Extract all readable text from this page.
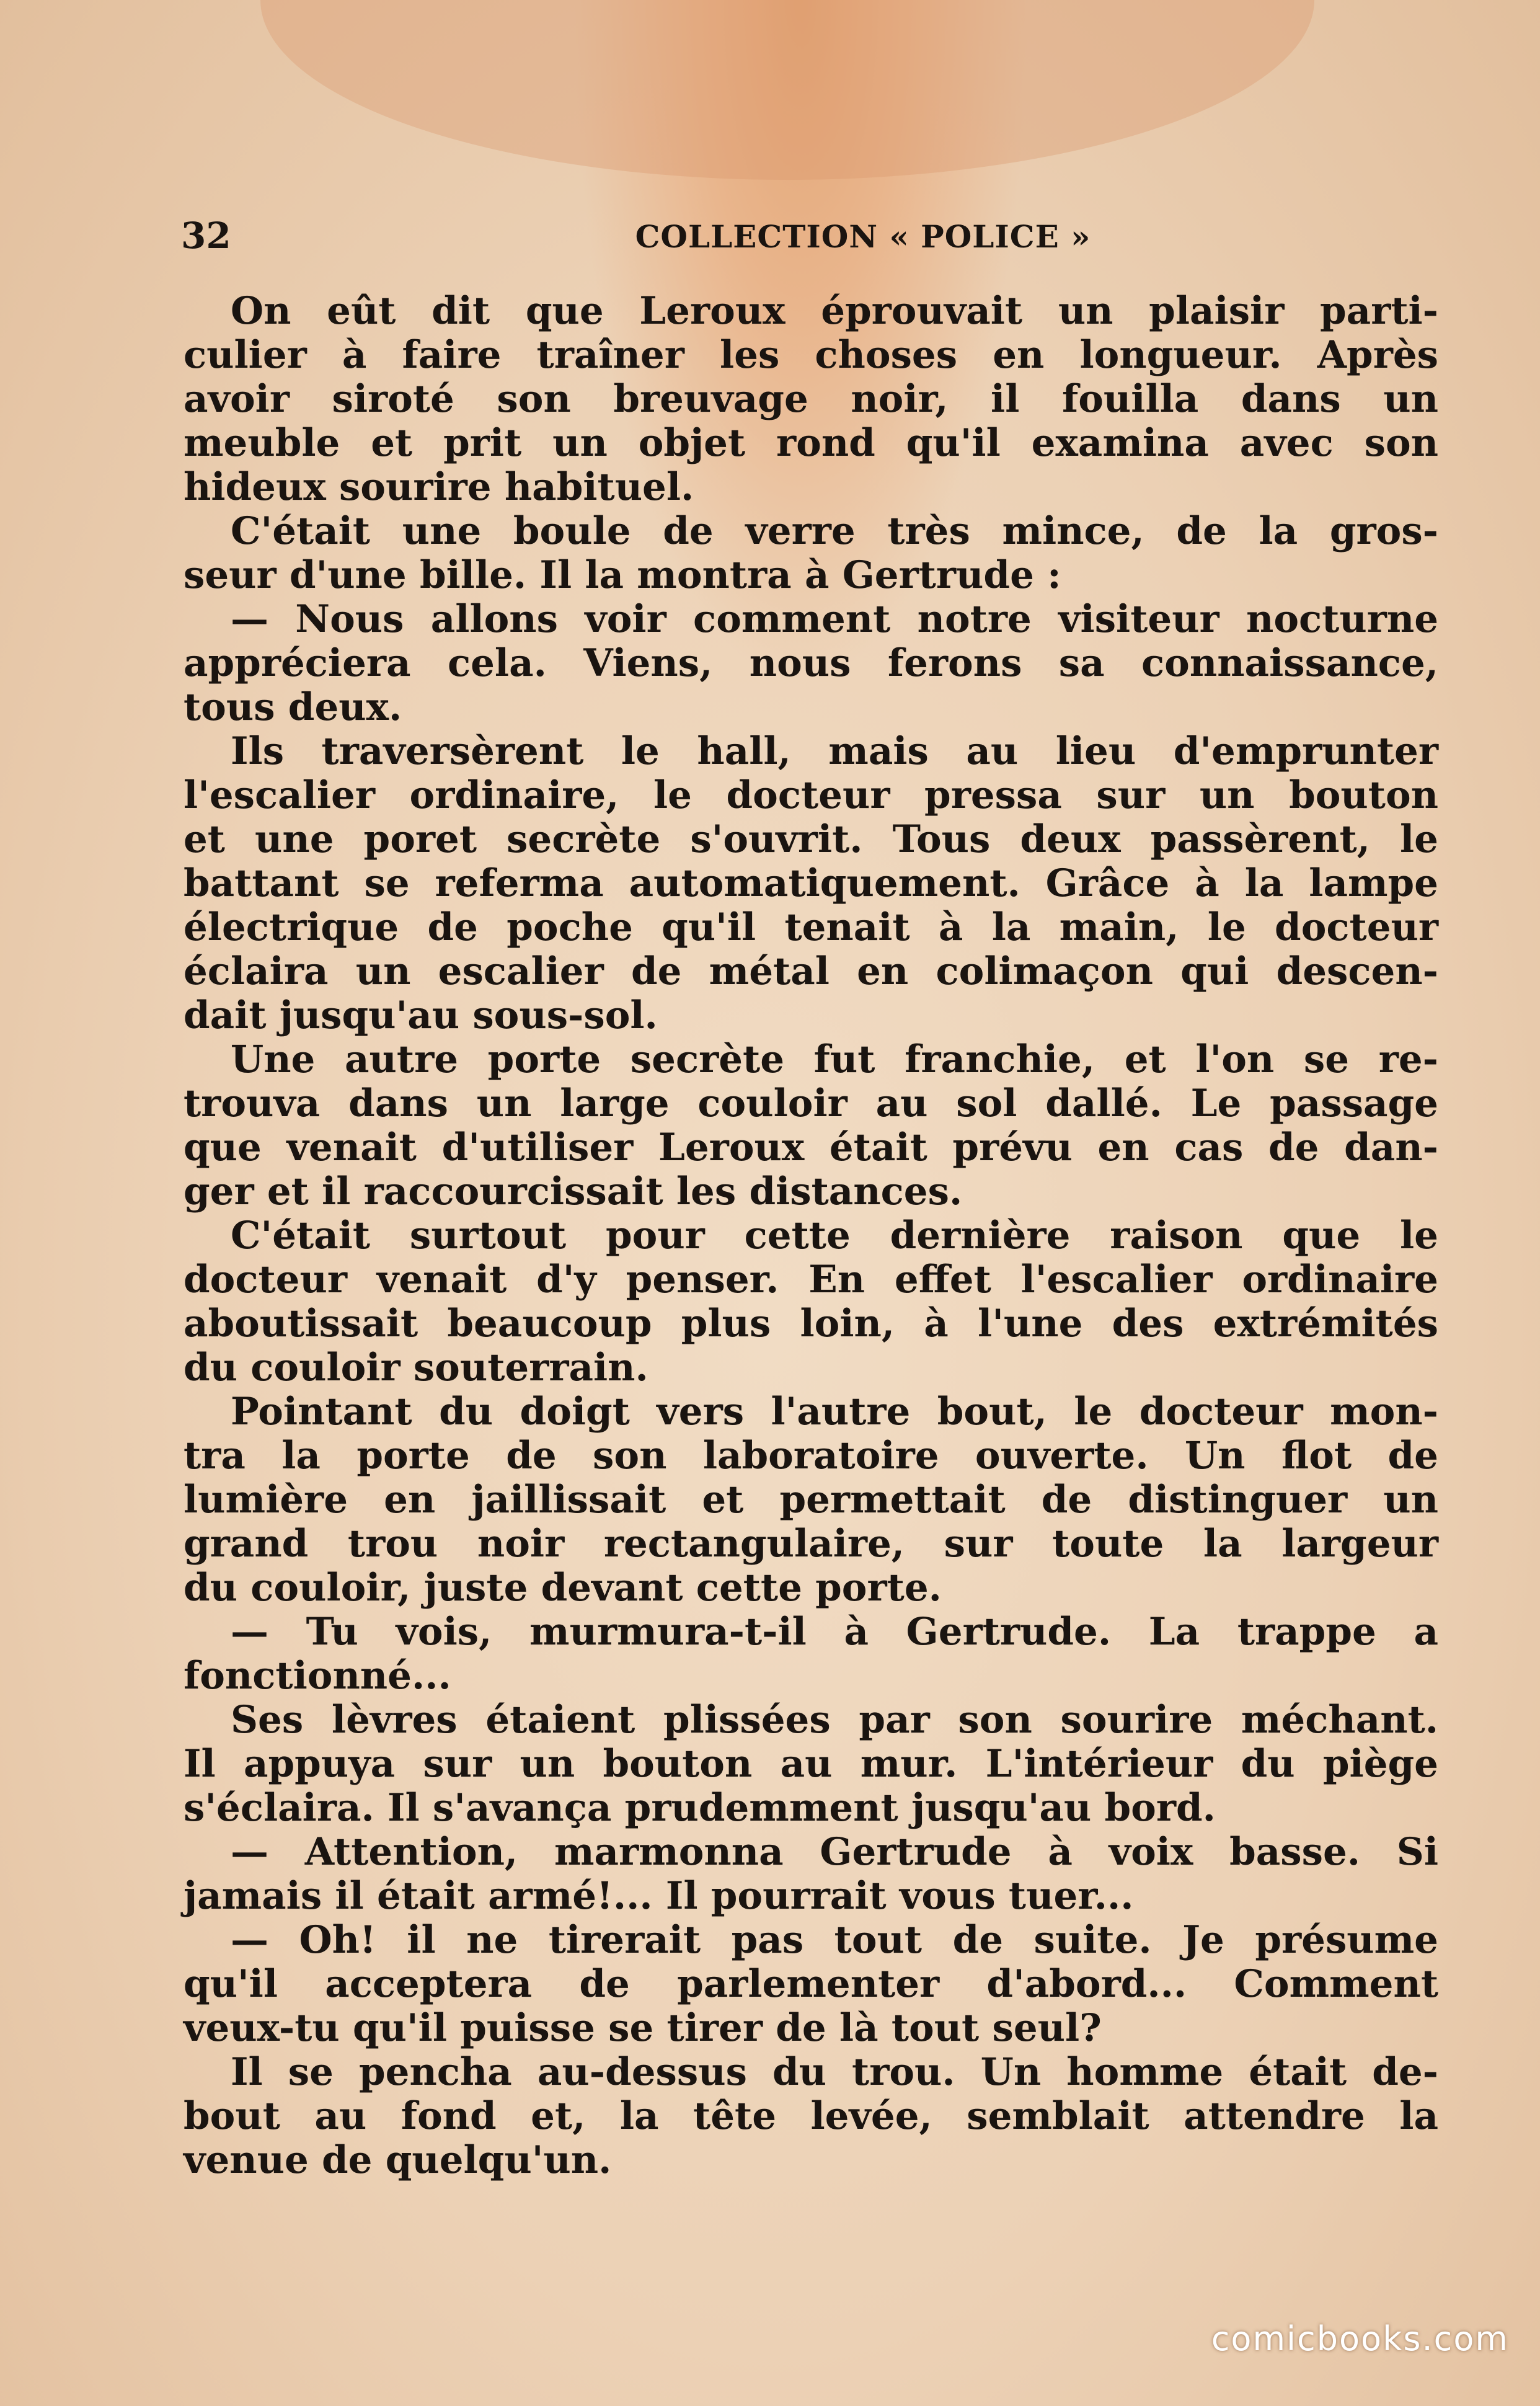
32	COLLECTION « POLICE »
On eût dit que Leroux éprouvait un plaisir parti-
culier à faire traîner les choses en longueur. Après
avoir siroté son breuvage noir, il fouilla dans un
meuble et prit un objet rond qu'il examina avec son
hideux sourire habituel.
C'était une boule de verre très mince, de la gros-
seur d'une bille. Il la montra à Gertrude :
— Nous allons voir comment notre visiteur nocturne
appréciera cela. Viens, nous ferons sa connaissance,
tous deux.
Ils traversèrent le hall, mais au lieu d'emprunter
l'escalier ordinaire, le docteur pressa sur un bouton
et une poret secrète s'ouvrit. Tous deux passèrent, le
battant se referma automatiquement. Grâce à la lampe
électrique de poche qu'il tenait à la main, le docteur
éclaira un escalier de métal en colimaçon qui descen-
dait jusqu'au sous-sol.
Une autre porte secrète fut franchie, et l'on se re-
trouva dans un large couloir au sol dallé. Le passage
que venait d'utiliser Leroux était prévu en cas de dan-
ger et il raccourcissait les distances.
C'était surtout pour cette dernière raison que le
docteur venait d'y penser. En effet l'escalier ordinaire
aboutissait beaucoup plus loin, à l'une des extrémités
du couloir souterrain.
Pointant du doigt vers l'autre bout, le docteur mon-
tra la porte de son laboratoire ouverte. Un flot de
lumière en jaillissait et permettait de distinguer un
grand trou noir rectangulaire, sur toute la largeur
du couloir, juste devant cette porte.
— Tu vois, murmura-t-il à Gertrude. La trappe a
fonctionné...
Ses lèvres étaient plissées par son sourire méchant.
Il appuya sur un bouton au mur. L'intérieur du piège
s'éclaira. Il s'avança prudemment jusqu'au bord.
— Attention, marmonna Gertrude à voix basse. Si
jamais il était armé!... Il pourrait vous tuer...
— Oh! il ne tirerait pas tout de suite. Je présume
qu'il acceptera de parlementer d'abord... Comment
veux-tu qu'il puisse se tirer de là tout seul?
Il se pencha au-dessus du trou. Un homme était de-
bout au fond et, la tête levée, semblait attendre la
venue de quelqu'un.
comicbooks.com
